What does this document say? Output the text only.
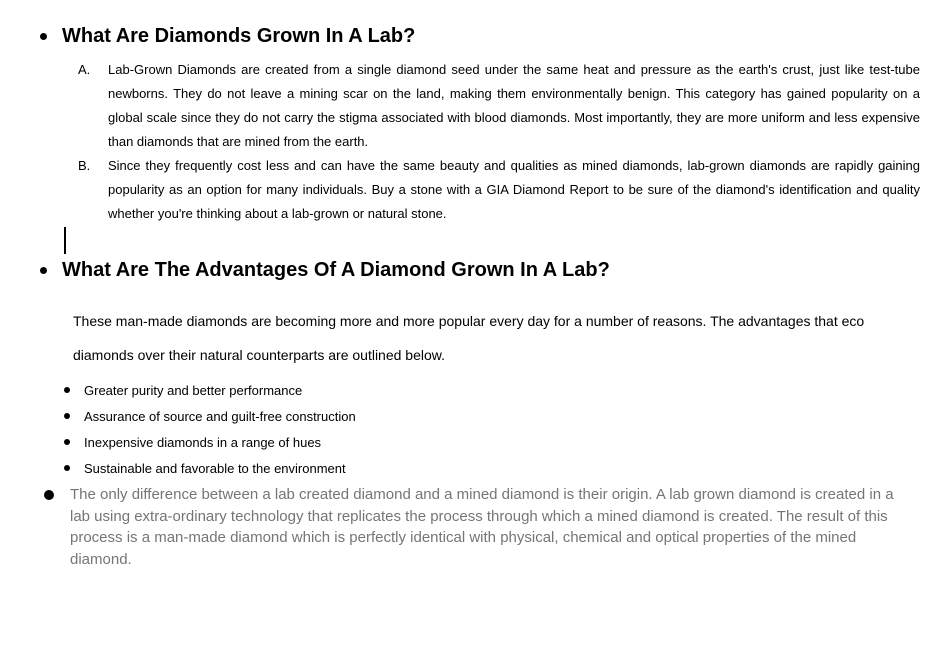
What Are Diamonds Grown In A Lab?
A.	Lab-Grown Diamonds are created from a single diamond seed under the same heat and pressure as the earth's crust, just like test-tube newborns. They do not leave a mining scar on the land, making them environmentally benign. This category has gained popularity on a global scale since they do not carry the stigma associated with blood diamonds. Most importantly, they are more uniform and less expensive than diamonds that are mined from the earth.
B.	Since they frequently cost less and can have the same beauty and qualities as mined diamonds, lab-grown diamonds are rapidly gaining popularity as an option for many individuals. Buy a stone with a GIA Diamond Report to be sure of the diamond's identification and quality whether you're thinking about a lab-grown or natural stone.
What Are The Advantages Of A Diamond Grown In A Lab?
These man-made diamonds are becoming more and more popular every day for a number of reasons. The advantages that eco diamonds over their natural counterparts are outlined below.
Greater purity and better performance
Assurance of source and guilt-free construction
Inexpensive diamonds in a range of hues
Sustainable and favorable to the environment
The only difference between a lab created diamond and a mined diamond is their origin. A lab grown diamond is created in a lab using extra-ordinary technology that replicates the process through which a mined diamond is created. The result of this process is a man-made diamond which is perfectly identical with physical, chemical and optical properties of the mined diamond.
